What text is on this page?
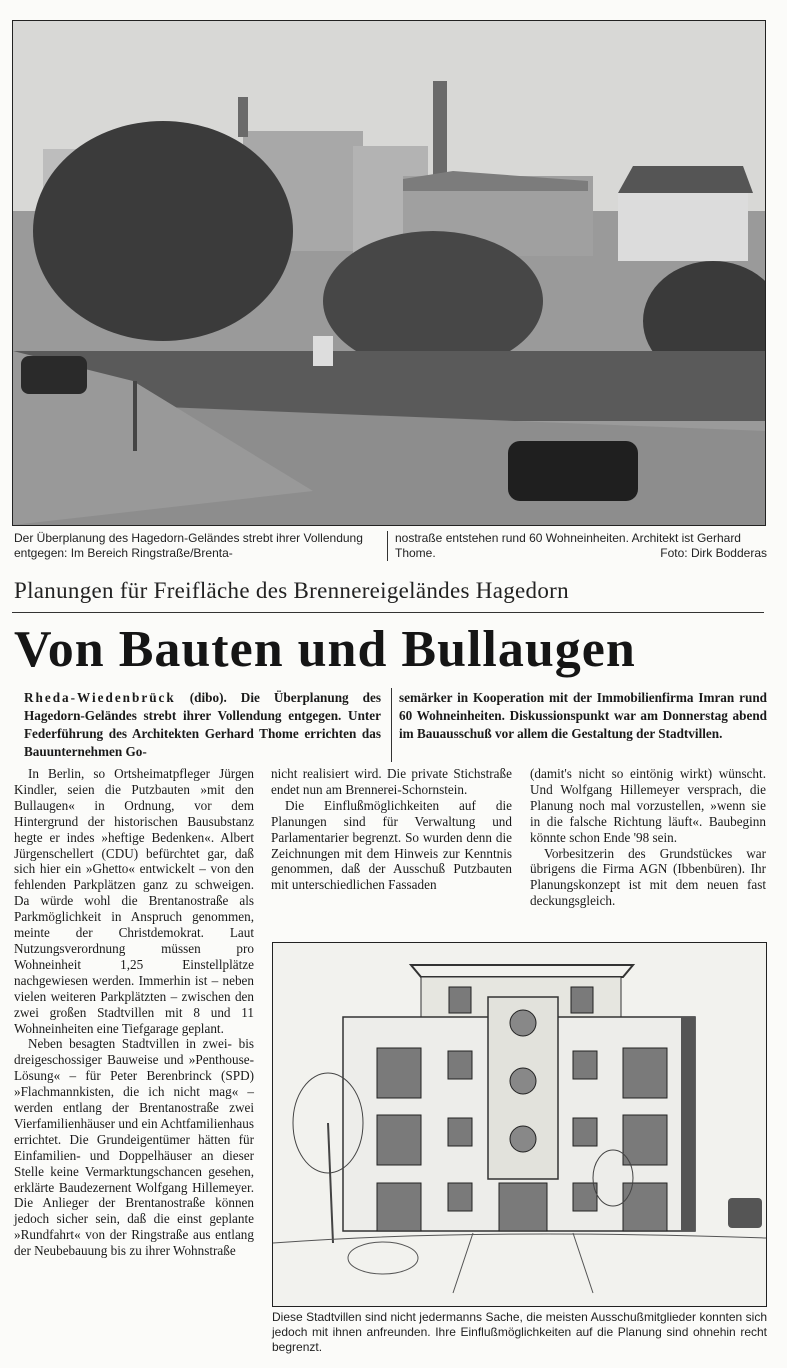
Der Überplanung des Hagedorn-Geländes strebt ihrer Vollendung entgegen: Im Bereich Ringstraße/Brenta-
nostraße entstehen rund 60 Wohneinheiten. Architekt ist Gerhard Thome.	Foto: Dirk Bodderas
Planungen für Freifläche des Brennereigeländes Hagedorn
Von Bauten und Bullaugen
Rheda-Wiedenbrück (dibo). Die Überplanung des Hagedorn-Geländes strebt ihrer Vollendung entgegen. Unter Federführung des Architekten Gerhard Thome errichten das Bauunternehmen Go-
semärker in Kooperation mit der Immobilienfirma Imran rund 60 Wohneinheiten. Diskussionspunkt war am Donnerstag abend im Bauausschuß vor allem die Gestaltung der Stadtvillen.

In Berlin, so Ortsheimatpfleger Jürgen Kindler, seien die Putzbauten »mit den Bullaugen« in Ordnung, vor dem Hintergrund der historischen Bausubstanz hegte er indes »heftige Bedenken«. Albert Jürgenschellert (CDU) befürchtet gar, daß sich hier ein »Ghetto« entwickelt – von den fehlenden Parkplätzen ganz zu schweigen. Da würde wohl die Brentanostraße als Parkmöglichkeit in Anspruch genommen, meinte der Christdemokrat. Laut Nutzungsverordnung müssen pro Wohneinheit 1,25 Einstellplätze nachgewiesen werden. Immerhin ist – neben vielen weiteren Parkplätzten – zwischen den zwei großen Stadtvillen mit 8 und 11 Wohneinheiten eine Tiefgarage geplant.

Neben besagten Stadtvillen in zwei- bis dreigeschossiger Bauweise und »Penthouse-Lösung« – für Peter Berenbrinck (SPD) »Flachmannkisten, die ich nicht mag« – werden entlang der Brentanostraße zwei Vierfamilienhäuser und ein Achtfamilienhaus errichtet. Die Grundeigentümer hätten für Einfamilien- und Doppelhäuser an dieser Stelle keine Vermarktungschancen gesehen, erklärte Baudezernent Wolfgang Hillemeyer. Die Anlieger der Brentanostraße können jedoch sicher sein, daß die einst geplante »Rundfahrt« von der Ringstraße aus entlang der Neubebauung bis zu ihrer Wohnstraße

nicht realisiert wird. Die private Stichstraße endet nun am Brennerei-Schornstein.

Die Einflußmöglichkeiten auf die Planungen sind für Verwaltung und Parlamentarier begrenzt. So wurden denn die Zeichnungen mit dem Hinweis zur Kenntnis genommen, daß der Ausschuß Putzbauten mit unterschiedlichen Fassaden

(damit's nicht so eintönig wirkt) wünscht. Und Wolfgang Hillemeyer versprach, die Planung noch mal vorzustellen, »wenn sie in die falsche Richtung läuft«. Baubeginn könnte schon Ende '98 sein.

Vorbesitzerin des Grundstückes war übrigens die Firma AGN (Ibbenbüren). Ihr Planungskonzept ist mit dem neuen fast deckungsgleich.

Diese Stadtvillen sind nicht jedermanns Sache, die meisten Ausschußmitglieder konnten sich jedoch mit ihnen anfreunden. Ihre Einflußmöglichkeiten auf die Planung sind ohnehin recht begrenzt.
